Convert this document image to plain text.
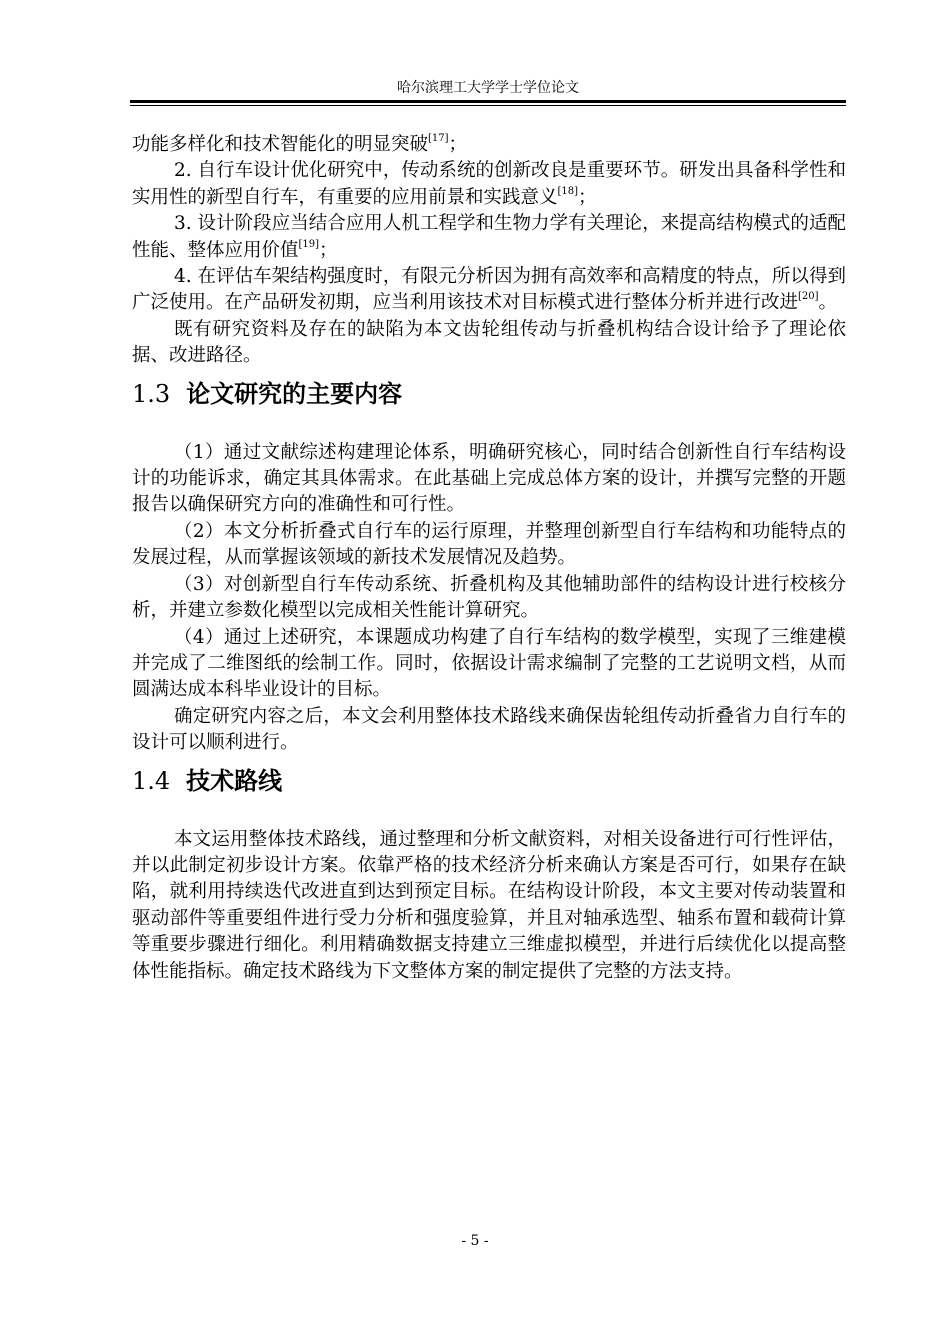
哈尔滨理工大学学士学位论文

功能多样化和技术智能化的明显突破[17]；

2. 自行车设计优化研究中，传动系统的创新改良是重要环节。研发出具备科学性和实用性的新型自行车，有重要的应用前景和实践意义[18]；

3. 设计阶段应当结合应用人机工程学和生物力学有关理论，来提高结构模式的适配性能、整体应用价值[19]；

4. 在评估车架结构强度时，有限元分析因为拥有高效率和高精度的特点，所以得到广泛使用。在产品研发初期，应当利用该技术对目标模式进行整体分析并进行改进[20]。

既有研究资料及存在的缺陷为本文齿轮组传动与折叠机构结合设计给予了理论依据、改进路径。

1.3 论文研究的主要内容

（1）通过文献综述构建理论体系，明确研究核心，同时结合创新性自行车结构设计的功能诉求，确定其具体需求。在此基础上完成总体方案的设计，并撰写完整的开题报告以确保研究方向的准确性和可行性。

（2）本文分析折叠式自行车的运行原理，并整理创新型自行车结构和功能特点的发展过程，从而掌握该领域的新技术发展情况及趋势。

（3）对创新型自行车传动系统、折叠机构及其他辅助部件的结构设计进行校核分析，并建立参数化模型以完成相关性能计算研究。

（4）通过上述研究，本课题成功构建了自行车结构的数学模型，实现了三维建模并完成了二维图纸的绘制工作。同时，依据设计需求编制了完整的工艺说明文档，从而圆满达成本科毕业设计的目标。

确定研究内容之后，本文会利用整体技术路线来确保齿轮组传动折叠省力自行车的设计可以顺利进行。

1.4 技术路线

本文运用整体技术路线，通过整理和分析文献资料，对相关设备进行可行性评估，并以此制定初步设计方案。依靠严格的技术经济分析来确认方案是否可行，如果存在缺陷，就利用持续迭代改进直到达到预定目标。在结构设计阶段，本文主要对传动装置和驱动部件等重要组件进行受力分析和强度验算，并且对轴承选型、轴系布置和载荷计算等重要步骤进行细化。利用精确数据支持建立三维虚拟模型，并进行后续优化以提高整体性能指标。确定技术路线为下文整体方案的制定提供了完整的方法支持。

- 5 -
